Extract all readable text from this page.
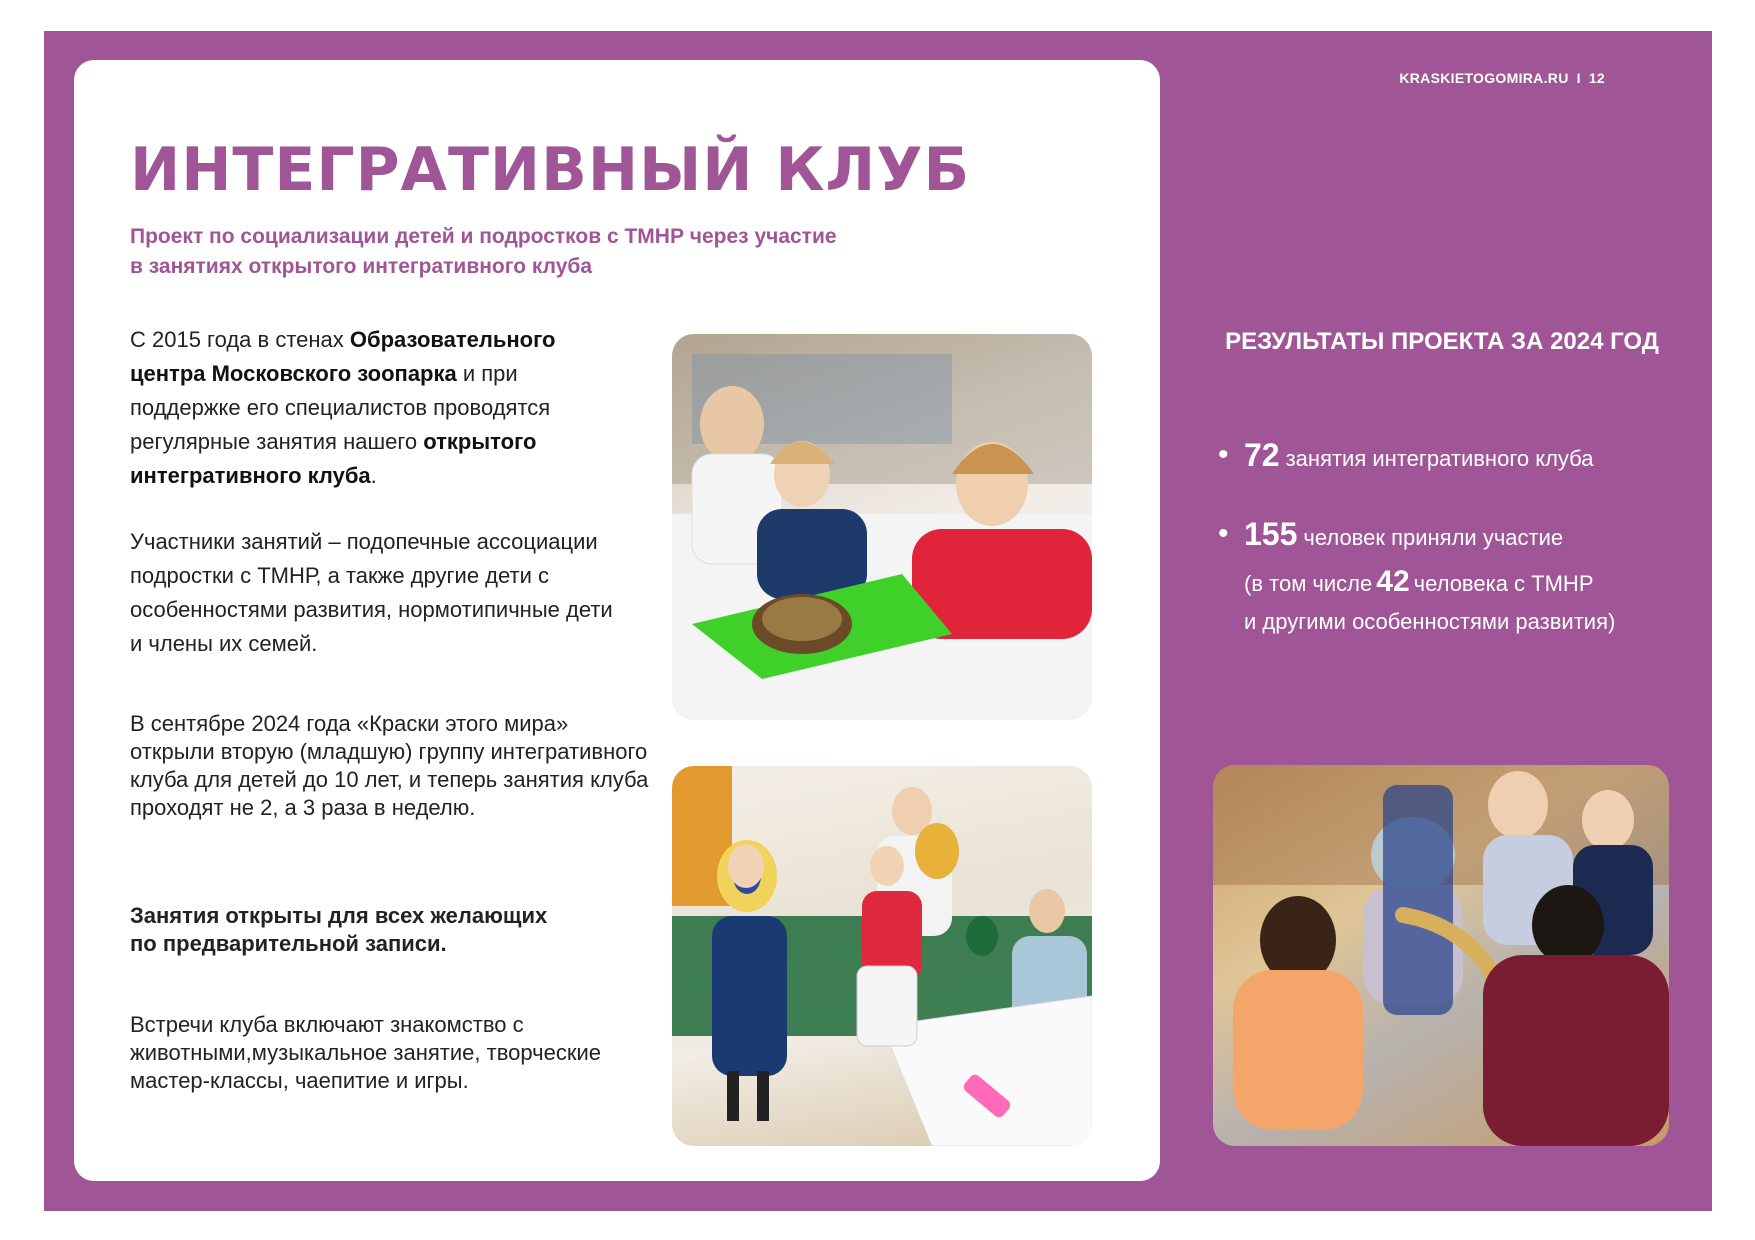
KRASKIETOGOMIRA.RU I 12
ИНТЕГРАТИВНЫЙ КЛУБ
Проект по социализации детей и подростков с ТМНР через участие
в занятиях открытого интегративного клуба

С 2015 года в стенах Образовательного центра Московского зоопарка и при поддержке его специалистов проводятся регулярные занятия нашего открытого интегративного клуба.

Участники занятий – подопечные ассоциации подростки с ТМНР, а также другие дети с особенностями развития, нормотипичные дети и члены их семей.

В сентябре 2024 года «Краски этого мира» открыли вторую (младшую) группу интегративного клуба для детей до 10 лет, и теперь занятия клуба проходят не 2, а 3 раза в неделю.

Занятия открыты для всех желающих
по предварительной записи.

Встречи клуба включают знакомство с животными,музыкальное занятие, творческие мастер-классы, чаепитие и игры.

РЕЗУЛЬТАТЫ ПРОЕКТА ЗА 2024 ГОД
• 72 занятия интегративного клуба
• 155 человек приняли участие
(в том числе 42 человека с ТМНР
и другими особенностями развития)
